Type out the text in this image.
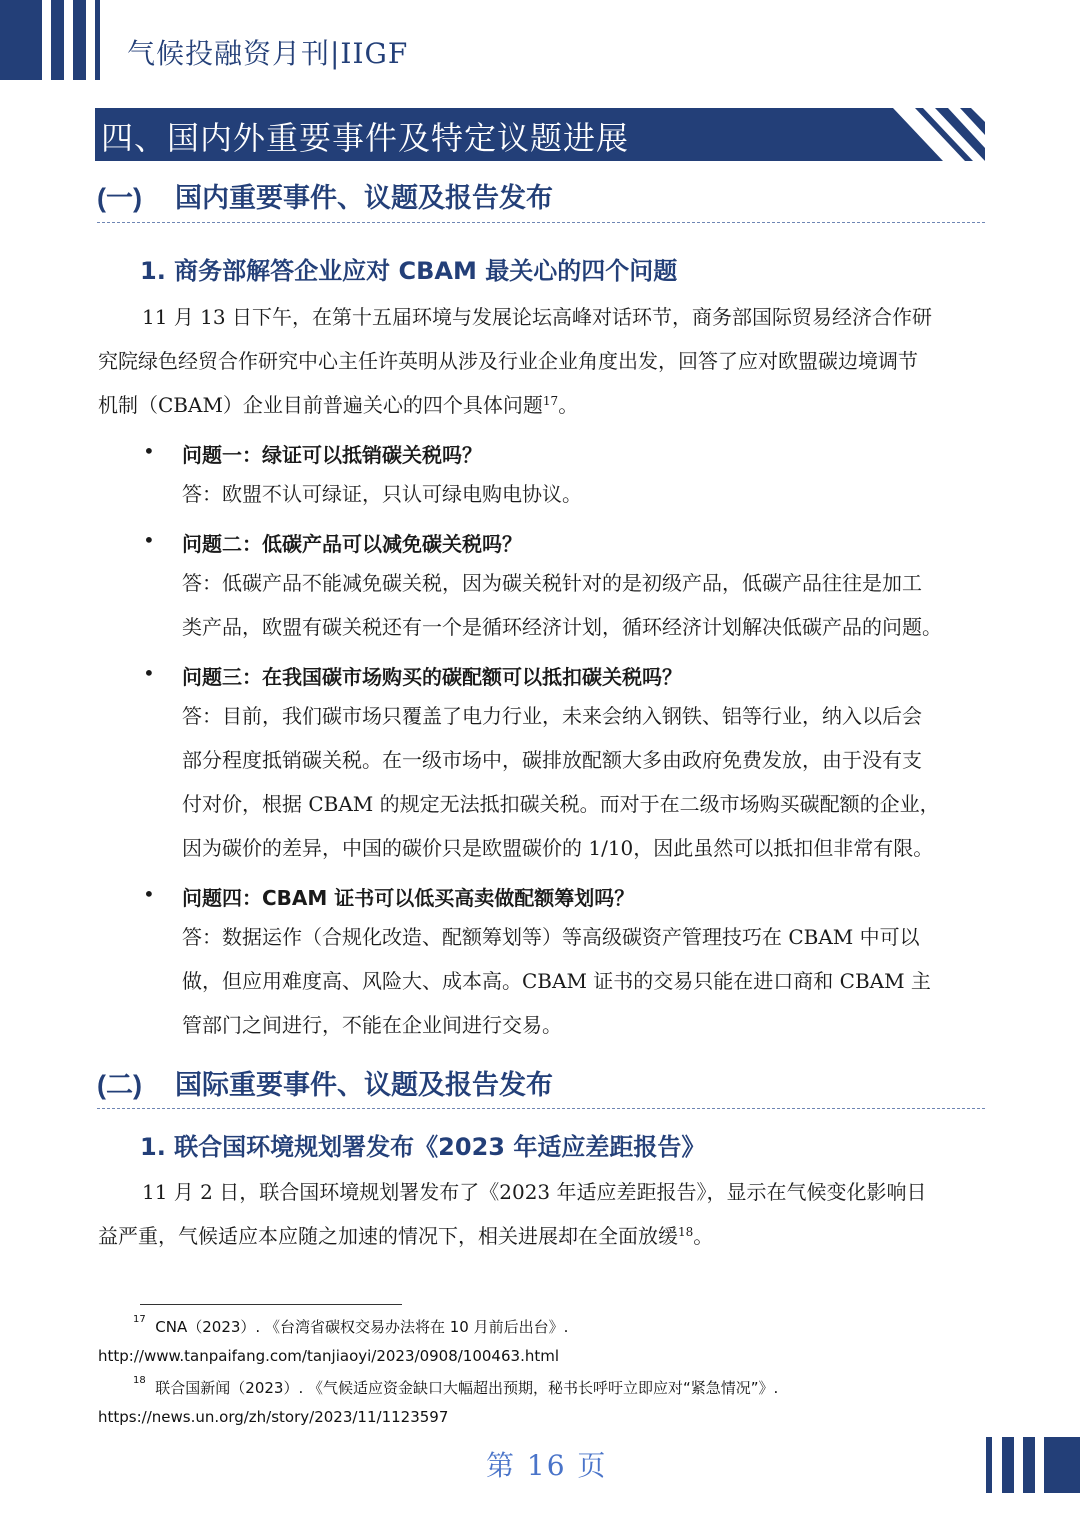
气候投融资月刊|IIGF
四、国内外重要事件及特定议题进展
(一) 国内重要事件、议题及报告发布
1. 商务部解答企业应对 CBAM 最关心的四个问题
11 月 13 日下午，在第十五届环境与发展论坛高峰对话环节，商务部国际贸易经济合作研
究院绿色经贸合作研究中心主任许英明从涉及行业企业角度出发，回答了应对欧盟碳边境调节
机制（CBAM）企业目前普遍关心的四个具体问题$^{17}$。
• 问题一：绿证可以抵销碳关税吗？
答：欧盟不认可绿证，只认可绿电购电协议。
• 问题二：低碳产品可以减免碳关税吗？
答：低碳产品不能减免碳关税，因为碳关税针对的是初级产品，低碳产品往往是加工
类产品，欧盟有碳关税还有一个是循环经济计划，循环经济计划解决低碳产品的问题。
• 问题三：在我国碳市场购买的碳配额可以抵扣碳关税吗？
答：目前，我们碳市场只覆盖了电力行业，未来会纳入钢铁、铝等行业，纳入以后会
部分程度抵销碳关税。在一级市场中，碳排放配额大多由政府免费发放，由于没有支
付对价，根据 CBAM 的规定无法抵扣碳关税。而对于在二级市场购买碳配额的企业，
因为碳价的差异，中国的碳价只是欧盟碳价的 1/10，因此虽然可以抵扣但非常有限。
• 问题四：CBAM 证书可以低买高卖做配额筹划吗？
答：数据运作（合规化改造、配额筹划等）等高级碳资产管理技巧在 CBAM 中可以
做，但应用难度高、风险大、成本高。CBAM 证书的交易只能在进口商和 CBAM 主
管部门之间进行，不能在企业间进行交易。
(二) 国际重要事件、议题及报告发布
1. 联合国环境规划署发布《2023 年适应差距报告》
11 月 2 日，联合国环境规划署发布了《2023 年适应差距报告》，显示在气候变化影响日
益严重，气候适应本应随之加速的情况下，相关进展却在全面放缓$^{18}$。
$^{17}$ CNA（2023）. 《台湾省碳权交易办法将在 10 月前后出台》.
http://www.tanpaifang.com/tanjiaoyi/2023/0908/100463.html
$^{18}$ 联合国新闻（2023）. 《气候适应资金缺口大幅超出预期，秘书长呼吁立即应对“紧急情况”》.
https://news.un.org/zh/story/2023/11/1123597
第 16 页
